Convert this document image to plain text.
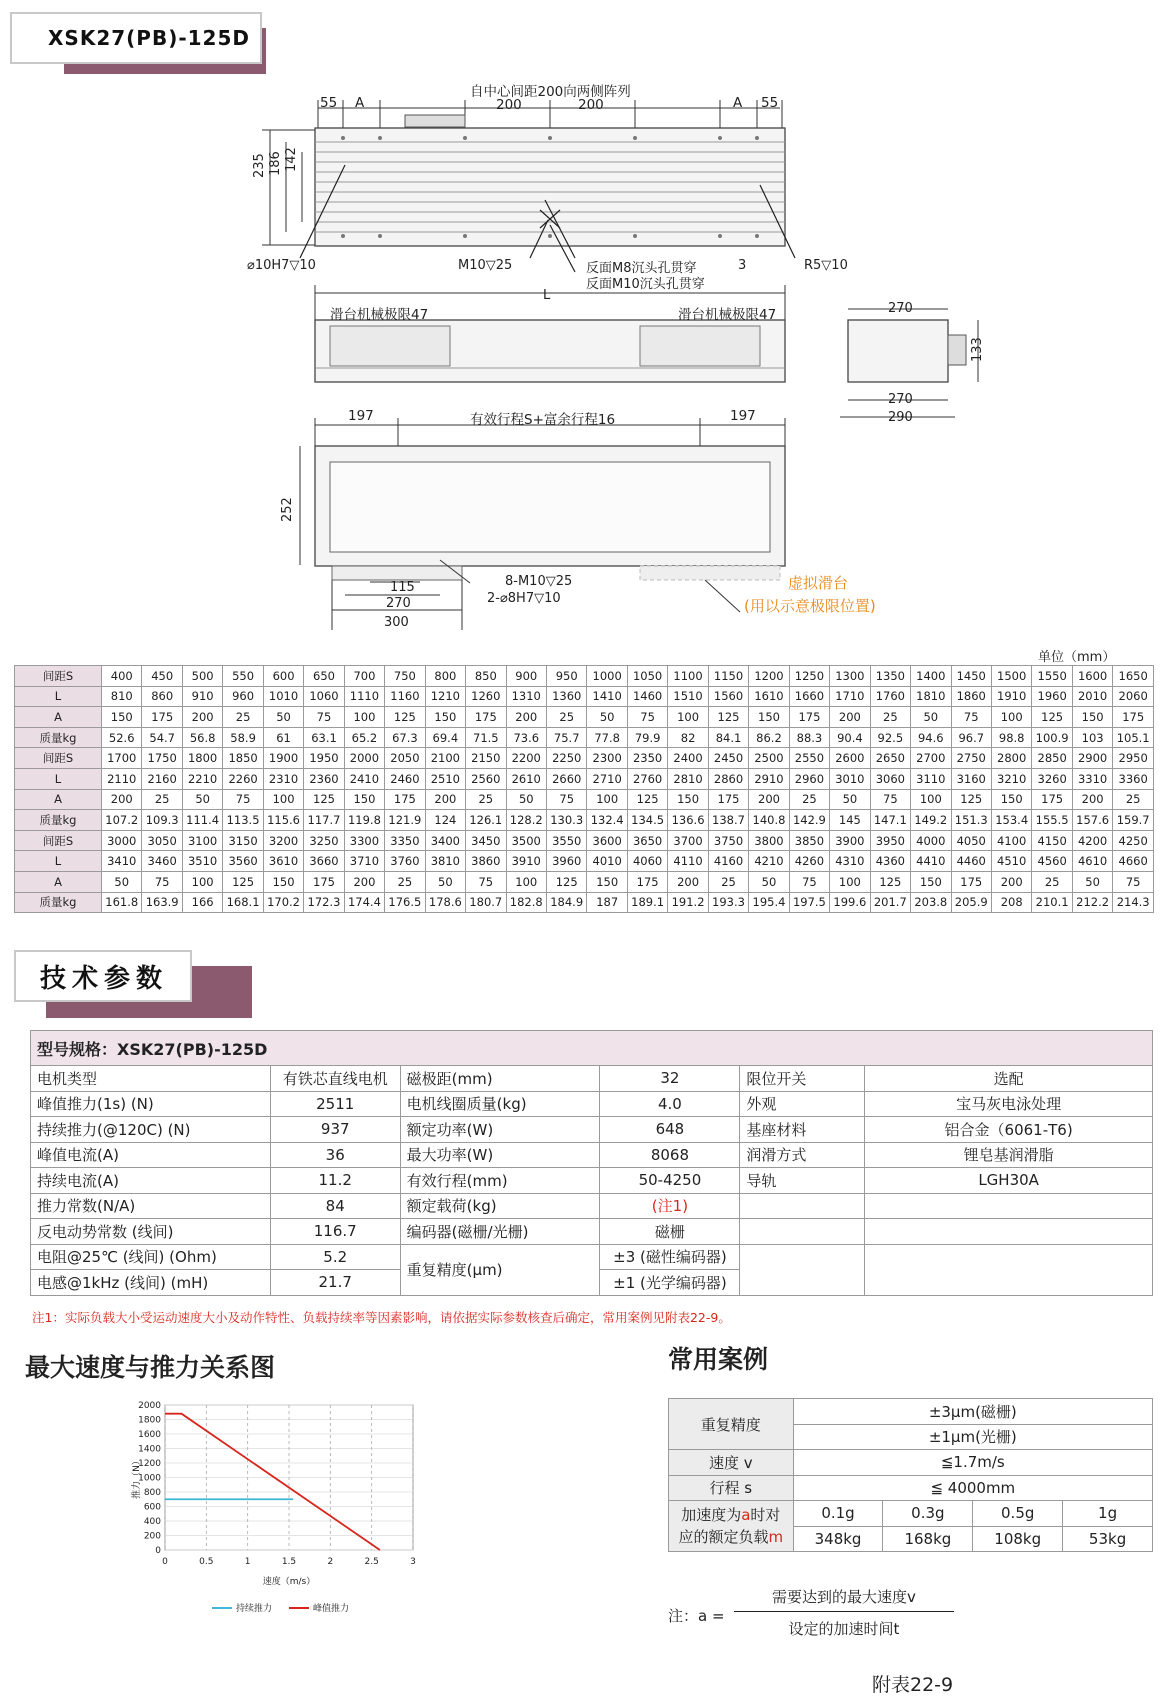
XSK27(PB)-125D
自中心间距200向两侧阵列
55 A	200	200	A 55
235 186 142
⌀10H7▽10	M10▽25	反面M8沉头孔贯穿
反面M10沉头孔贯穿
3	R5▽10
L
滑台机械极限47	滑台机械极限47	270
133
270
290
197	有效行程S+富余行程16	197
252
115
270
300
8-M10▽25
2-⌀8H7▽10
虚拟滑台
(用以示意极限位置)
单位（mm）
间距S	400	450	500	550	600	650	700	750	800	850	900	950	1000	1050	1100	1150	1200	1250	1300	1350	1400	1450	1500	1550	1600	1650
L	810	860	910	960	1010	1060	1110	1160	1210	1260	1310	1360	1410	1460	1510	1560	1610	1660	1710	1760	1810	1860	1910	1960	2010	2060
A	150	175	200	25	50	75	100	125	150	175	200	25	50	75	100	125	150	175	200	25	50	75	100	125	150	175
质量kg	52.6	54.7	56.8	58.9	61	63.1	65.2	67.3	69.4	71.5	73.6	75.7	77.8	79.9	82	84.1	86.2	88.3	90.4	92.5	94.6	96.7	98.8	100.9	103	105.1
间距S	1700	1750	1800	1850	1900	1950	2000	2050	2100	2150	2200	2250	2300	2350	2400	2450	2500	2550	2600	2650	2700	2750	2800	2850	2900	2950
L	2110	2160	2210	2260	2310	2360	2410	2460	2510	2560	2610	2660	2710	2760	2810	2860	2910	2960	3010	3060	3110	3160	3210	3260	3310	3360
A	200	25	50	75	100	125	150	175	200	25	50	75	100	125	150	175	200	25	50	75	100	125	150	175	200	25
质量kg	107.2	109.3	111.4	113.5	115.6	117.7	119.8	121.9	124	126.1	128.2	130.3	132.4	134.5	136.6	138.7	140.8	142.9	145	147.1	149.2	151.3	153.4	155.5	157.6	159.7
间距S	3000	3050	3100	3150	3200	3250	3300	3350	3400	3450	3500	3550	3600	3650	3700	3750	3800	3850	3900	3950	4000	4050	4100	4150	4200	4250
L	3410	3460	3510	3560	3610	3660	3710	3760	3810	3860	3910	3960	4010	4060	4110	4160	4210	4260	4310	4360	4410	4460	4510	4560	4610	4660
A	50	75	100	125	150	175	200	25	50	75	100	125	150	175	200	25	50	75	100	125	150	175	200	25	50	75
质量kg	161.8	163.9	166	168.1	170.2	172.3	174.4	176.5	178.6	180.7	182.8	184.9	187	189.1	191.2	193.3	195.4	197.5	199.6	201.7	203.8	205.9	208	210.1	212.2	214.3
技术参数
型号规格：XSK27(PB)-125D					
电机类型	有铁芯直线电机	磁极距(mm)	32	限位开关	选配
峰值推力(1s) (N)	2511	电机线圈质量(kg)	4.0	外观	宝马灰电泳处理
持续推力(@120C) (N)	937	额定功率(W)	648	基座材料	铝合金（6061-T6)
峰值电流(A)	36	最大功率(W)	8068	润滑方式	锂皂基润滑脂
持续电流(A)	11.2	有效行程(mm)	50-4250	导轨	LGH30A
推力常数(N/A)	84	额定载荷(kg)	(注1)		
反电动势常数 (线间)	116.7	编码器(磁栅/光栅)	磁栅		
电阻@25℃ (线间) (Ohm)	5.2	重复精度(μm)	±3 (磁性编码器)		
电感@1kHz (线间) (mH)	21.7		±1 (光学编码器)		
注1：实际负载大小受运动速度大小及动作特性、负载持续率等因素影响，请依据实际参数核查后确定，常用案例见附表22-9。
最大速度与推力关系图
0
200
400
600
800
1000
1200
1400
1600
1800
2000
0	0.5	1	1.5	2	2.5	3
速度（m/s）
推力（N）
持续推力	峰值推力
常用案例
重复精度	±3μm(磁栅)			
	±1μm(光栅)			
速度 v	≦1.7m/s			
行程 s	≦ 4000mm			
加速度为a时对
应的额定负载m	0.1g	0.3g	0.5g	1g
	348kg	168kg	108kg	53kg
注：a =
需要达到的最大速度v
设定的加速时间t
附表22-9
